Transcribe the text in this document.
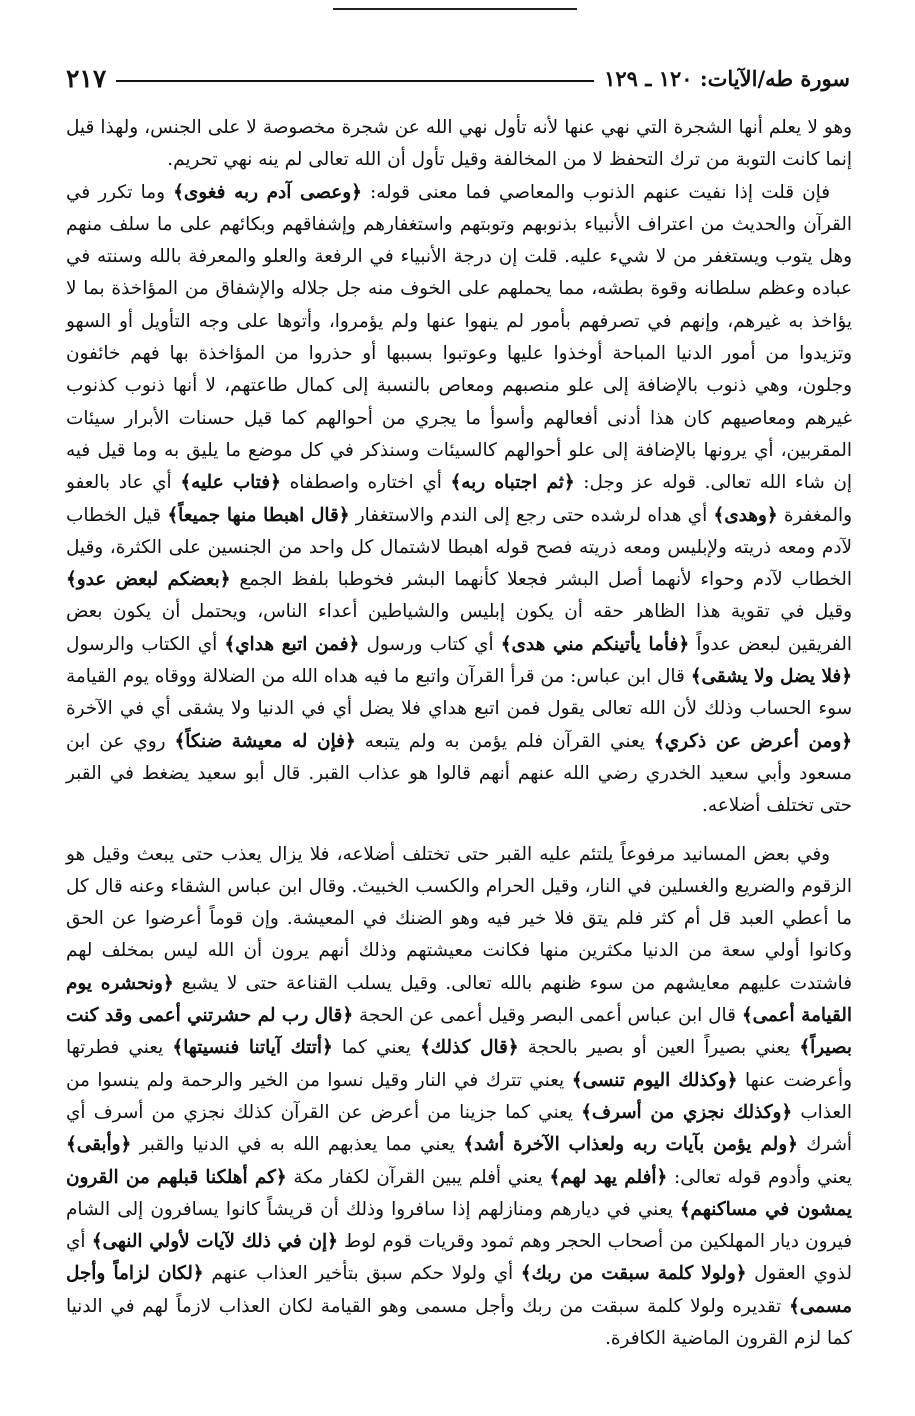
سورة طه/الآيات: ١٢٠ ـ ١٢٩
٢١٧

وهو لا يعلم أنها الشجرة التي نهي عنها لأنه تأول نهي الله عن شجرة مخصوصة لا على الجنس، ولهذا قيل إنما كانت التوبة من ترك التحفظ لا من المخالفة وقيل تأول أن الله تعالى لم ينه نهي تحريم.

فإن قلت إذا نفيت عنهم الذنوب والمعاصي فما معنى قوله: ﴿وعصى آدم ربه فغوى﴾ وما تكرر في القرآن والحديث من اعتراف الأنبياء بذنوبهم وتوبتهم واستغفارهم وإشفاقهم وبكائهم على ما سلف منهم وهل يتوب ويستغفر من لا شيء عليه. قلت إن درجة الأنبياء في الرفعة والعلو والمعرفة بالله وسنته في عباده وعظم سلطانه وقوة بطشه، مما يحملهم على الخوف منه جل جلاله والإشفاق من المؤاخذة بما لا يؤاخذ به غيرهم، وإنهم في تصرفهم بأمور لم ينهوا عنها ولم يؤمروا، وأتوها على وجه التأويل أو السهو وتزيدوا من أمور الدنيا المباحة أوخذوا عليها وعوتبوا بسببها أو حذروا من المؤاخذة بها فهم خائفون وجلون، وهي ذنوب بالإضافة إلى علو منصبهم ومعاص بالنسبة إلى كمال طاعتهم، لا أنها ذنوب كذنوب غيرهم ومعاصيهم كان هذا أدنى أفعالهم وأسوأ ما يجري من أحوالهم كما قيل حسنات الأبرار سيئات المقربين، أي يرونها بالإضافة إلى علو أحوالهم كالسيئات وسنذكر في كل موضع ما يليق به وما قيل فيه إن شاء الله تعالى. قوله عز وجل: ﴿ثم اجتباه ربه﴾ أي اختاره واصطفاه ﴿فتاب عليه﴾ أي عاد بالعفو والمغفرة ﴿وهدى﴾ أي هداه لرشده حتى رجع إلى الندم والاستغفار ﴿قال اهبطا منها جميعاً﴾ قيل الخطاب لآدم ومعه ذريته ولإبليس ومعه ذريته فصح قوله اهبطا لاشتمال كل واحد من الجنسين على الكثرة، وقيل الخطاب لآدم وحواء لأنهما أصل البشر فجعلا كأنهما البشر فخوطبا بلفظ الجمع ﴿بعضكم لبعض عدو﴾ وقيل في تقوية هذا الظاهر حقه أن يكون إبليس والشياطين أعداء الناس، ويحتمل أن يكون بعض الفريقين لبعض عدواً ﴿فأما يأتينكم مني هدى﴾ أي كتاب ورسول ﴿فمن اتبع هداي﴾ أي الكتاب والرسول ﴿فلا يضل ولا يشقى﴾ قال ابن عباس: من قرأ القرآن واتبع ما فيه هداه الله من الضلالة ووقاه يوم القيامة سوء الحساب وذلك لأن الله تعالى يقول فمن اتبع هداي فلا يضل أي في الدنيا ولا يشقى أي في الآخرة ﴿ومن أعرض عن ذكري﴾ يعني القرآن فلم يؤمن به ولم يتبعه ﴿فإن له معيشة ضنكاً﴾ روي عن ابن مسعود وأبي سعيد الخدري رضي الله عنهم أنهم قالوا هو عذاب القبر. قال أبو سعيد يضغط في القبر حتى تختلف أضلاعه.

وفي بعض المسانيد مرفوعاً يلتئم عليه القبر حتى تختلف أضلاعه، فلا يزال يعذب حتى يبعث وقيل هو الزقوم والضريع والغسلين في النار، وقيل الحرام والكسب الخبيث. وقال ابن عباس الشقاء وعنه قال كل ما أعطي العبد قل أم كثر فلم يتق فلا خير فيه وهو الضنك في المعيشة. وإن قوماً أعرضوا عن الحق وكانوا أولي سعة من الدنيا مكثرين منها فكانت معيشتهم وذلك أنهم يرون أن الله ليس بمخلف لهم فاشتدت عليهم معايشهم من سوء ظنهم بالله تعالى. وقيل يسلب القناعة حتى لا يشبع ﴿ونحشره يوم القيامة أعمى﴾ قال ابن عباس أعمى البصر وقيل أعمى عن الحجة ﴿قال رب لم حشرتني أعمى وقد كنت بصيراً﴾ يعني بصيراً العين أو بصير بالحجة ﴿قال كذلك﴾ يعني كما ﴿أتتك آياتنا فنسيتها﴾ يعني فطرتها وأعرضت عنها ﴿وكذلك اليوم تنسى﴾ يعني تترك في النار وقيل نسوا من الخير والرحمة ولم ينسوا من العذاب ﴿وكذلك نجزي من أسرف﴾ يعني كما جزينا من أعرض عن القرآن كذلك نجزي من أسرف أي أشرك ﴿ولم يؤمن بآيات ربه ولعذاب الآخرة أشد﴾ يعني مما يعذبهم الله به في الدنيا والقبر ﴿وأبقى﴾ يعني وأدوم قوله تعالى: ﴿أفلم يهد لهم﴾ يعني أفلم يبين القرآن لكفار مكة ﴿كم أهلكنا قبلهم من القرون يمشون في مساكنهم﴾ يعني في ديارهم ومنازلهم إذا سافروا وذلك أن قريشاً كانوا يسافرون إلى الشام فيرون ديار المهلكين من أصحاب الحجر وهم ثمود وقريات قوم لوط ﴿إن في ذلك لآيات لأولي النهى﴾ أي لذوي العقول ﴿ولولا كلمة سبقت من ربك﴾ أي ولولا حكم سبق بتأخير العذاب عنهم ﴿لكان لزاماً وأجل مسمى﴾ تقديره ولولا كلمة سبقت من ربك وأجل مسمى وهو القيامة لكان العذاب لازماً لهم في الدنيا كما لزم القرون الماضية الكافرة.
